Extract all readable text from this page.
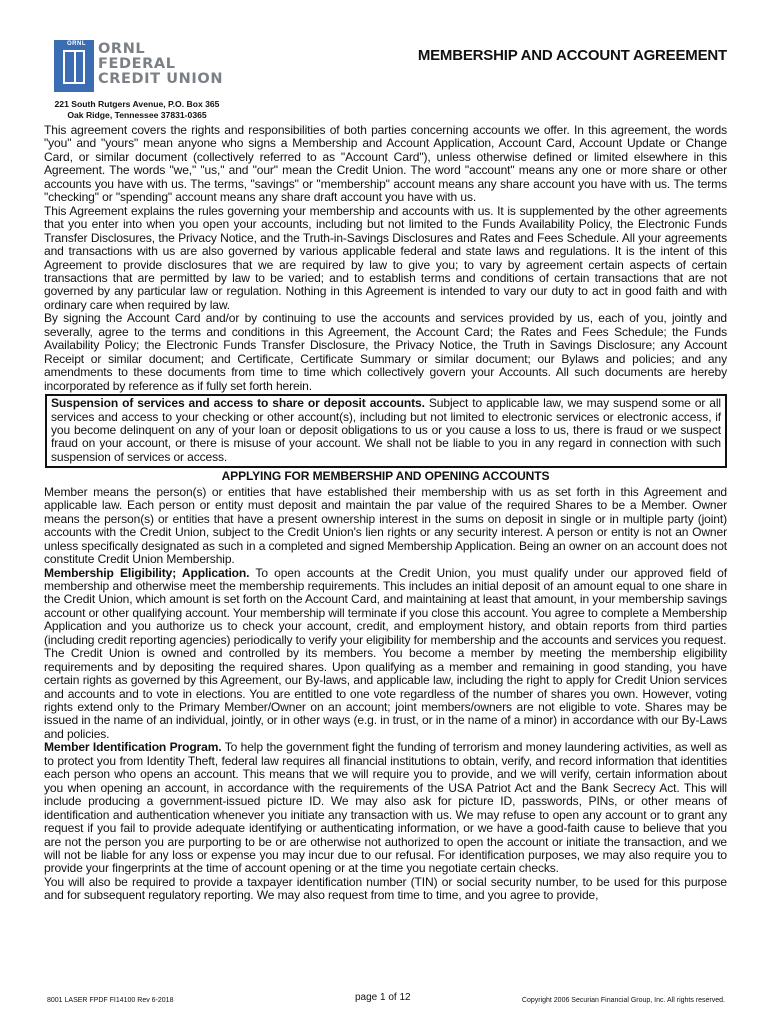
ORNL ORNL
FEDERAL
CREDIT UNION
MEMBERSHIP AND ACCOUNT AGREEMENT
221 South Rutgers Avenue, P.O. Box 365
Oak Ridge, Tennessee 37831-0365

This agreement covers the rights and responsibilities of both parties concerning accounts we offer. In this agreement, the words "you" and "yours" mean anyone who signs a Membership and Account Application, Account Card, Account Update or Change Card, or similar document (collectively referred to as "Account Card"), unless otherwise defined or limited elsewhere in this Agreement. The words "we," "us," and "our" mean the Credit Union. The word "account" means any one or more share or other accounts you have with us. The terms, "savings" or "membership" account means any share account you have with us. The terms "checking" or "spending" account means any share draft account you have with us.

This Agreement explains the rules governing your membership and accounts with us. It is supplemented by the other agreements that you enter into when you open your accounts, including but not limited to the Funds Availability Policy, the Electronic Funds Transfer Disclosures, the Privacy Notice, and the Truth-in-Savings Disclosures and Rates and Fees Schedule. All your agreements and transactions with us are also governed by various applicable federal and state laws and regulations. It is the intent of this Agreement to provide disclosures that we are required by law to give you; to vary by agreement certain aspects of certain transactions that are permitted by law to be varied; and to establish terms and conditions of certain transactions that are not governed by any particular law or regulation. Nothing in this Agreement is intended to vary our duty to act in good faith and with ordinary care when required by law.

By signing the Account Card and/or by continuing to use the accounts and services provided by us, each of you, jointly and severally, agree to the terms and conditions in this Agreement, the Account Card; the Rates and Fees Schedule; the Funds Availability Policy; the Electronic Funds Transfer Disclosure, the Privacy Notice, the Truth in Savings Disclosure; any Account Receipt or similar document; and Certificate, Certificate Summary or similar document; our Bylaws and policies; and any amendments to these documents from time to time which collectively govern your Accounts. All such documents are hereby incorporated by reference as if fully set forth herein.

Suspension of services and access to share or deposit accounts. Subject to applicable law, we may suspend some or all services and access to your checking or other account(s), including but not limited to electronic services or electronic access, if you become delinquent on any of your loan or deposit obligations to us or you cause a loss to us, there is fraud or we suspect fraud on your account, or there is misuse of your account. We shall not be liable to you in any regard in connection with such suspension of services or access.
APPLYING FOR MEMBERSHIP AND OPENING ACCOUNTS

Member means the person(s) or entities that have established their membership with us as set forth in this Agreement and applicable law. Each person or entity must deposit and maintain the par value of the required Shares to be a Member. Owner means the person(s) or entities that have a present ownership interest in the sums on deposit in single or in multiple party (joint) accounts with the Credit Union, subject to the Credit Union's lien rights or any security interest. A person or entity is not an Owner unless specifically designated as such in a completed and signed Membership Application. Being an owner on an account does not constitute Credit Union Membership.

Membership Eligibility; Application. To open accounts at the Credit Union, you must qualify under our approved field of membership and otherwise meet the membership requirements. This includes an initial deposit of an amount equal to one share in the Credit Union, which amount is set forth on the Account Card, and maintaining at least that amount, in your membership savings account or other qualifying account. Your membership will terminate if you close this account. You agree to complete a Membership Application and you authorize us to check your account, credit, and employment history, and obtain reports from third parties (including credit reporting agencies) periodically to verify your eligibility for membership and the accounts and services you request.

The Credit Union is owned and controlled by its members. You become a member by meeting the membership eligibility requirements and by depositing the required shares. Upon qualifying as a member and remaining in good standing, you have certain rights as governed by this Agreement, our By-laws, and applicable law, including the right to apply for Credit Union services and accounts and to vote in elections. You are entitled to one vote regardless of the number of shares you own. However, voting rights extend only to the Primary Member/Owner on an account; joint members/owners are not eligible to vote. Shares may be issued in the name of an individual, jointly, or in other ways (e.g. in trust, or in the name of a minor) in accordance with our By-Laws and policies.

Member Identification Program. To help the government fight the funding of terrorism and money laundering activities, as well as to protect you from Identity Theft, federal law requires all financial institutions to obtain, verify, and record information that identities each person who opens an account. This means that we will require you to provide, and we will verify, certain information about you when opening an account, in accordance with the requirements of the USA Patriot Act and the Bank Secrecy Act. This will include producing a government-issued picture ID. We may also ask for picture ID, passwords, PINs, or other means of identification and authentication whenever you initiate any transaction with us. We may refuse to open any account or to grant any request if you fail to provide adequate identifying or authenticating information, or we have a good-faith cause to believe that you are not the person you are purporting to be or are otherwise not authorized to open the account or initiate the transaction, and we will not be liable for any loss or expense you may incur due to our refusal. For identification purposes, we may also require you to provide your fingerprints at the time of account opening or at the time you negotiate certain checks.

You will also be required to provide a taxpayer identification number (TIN) or social security number, to be used for this purpose and for subsequent regulatory reporting. We may also request from time to time, and you agree to provide,

8001 LASER FPDF FI14100 Rev 6-2018	page 1 of 12	Copyright 2006 Securian Financial Group, Inc. All rights reserved.
